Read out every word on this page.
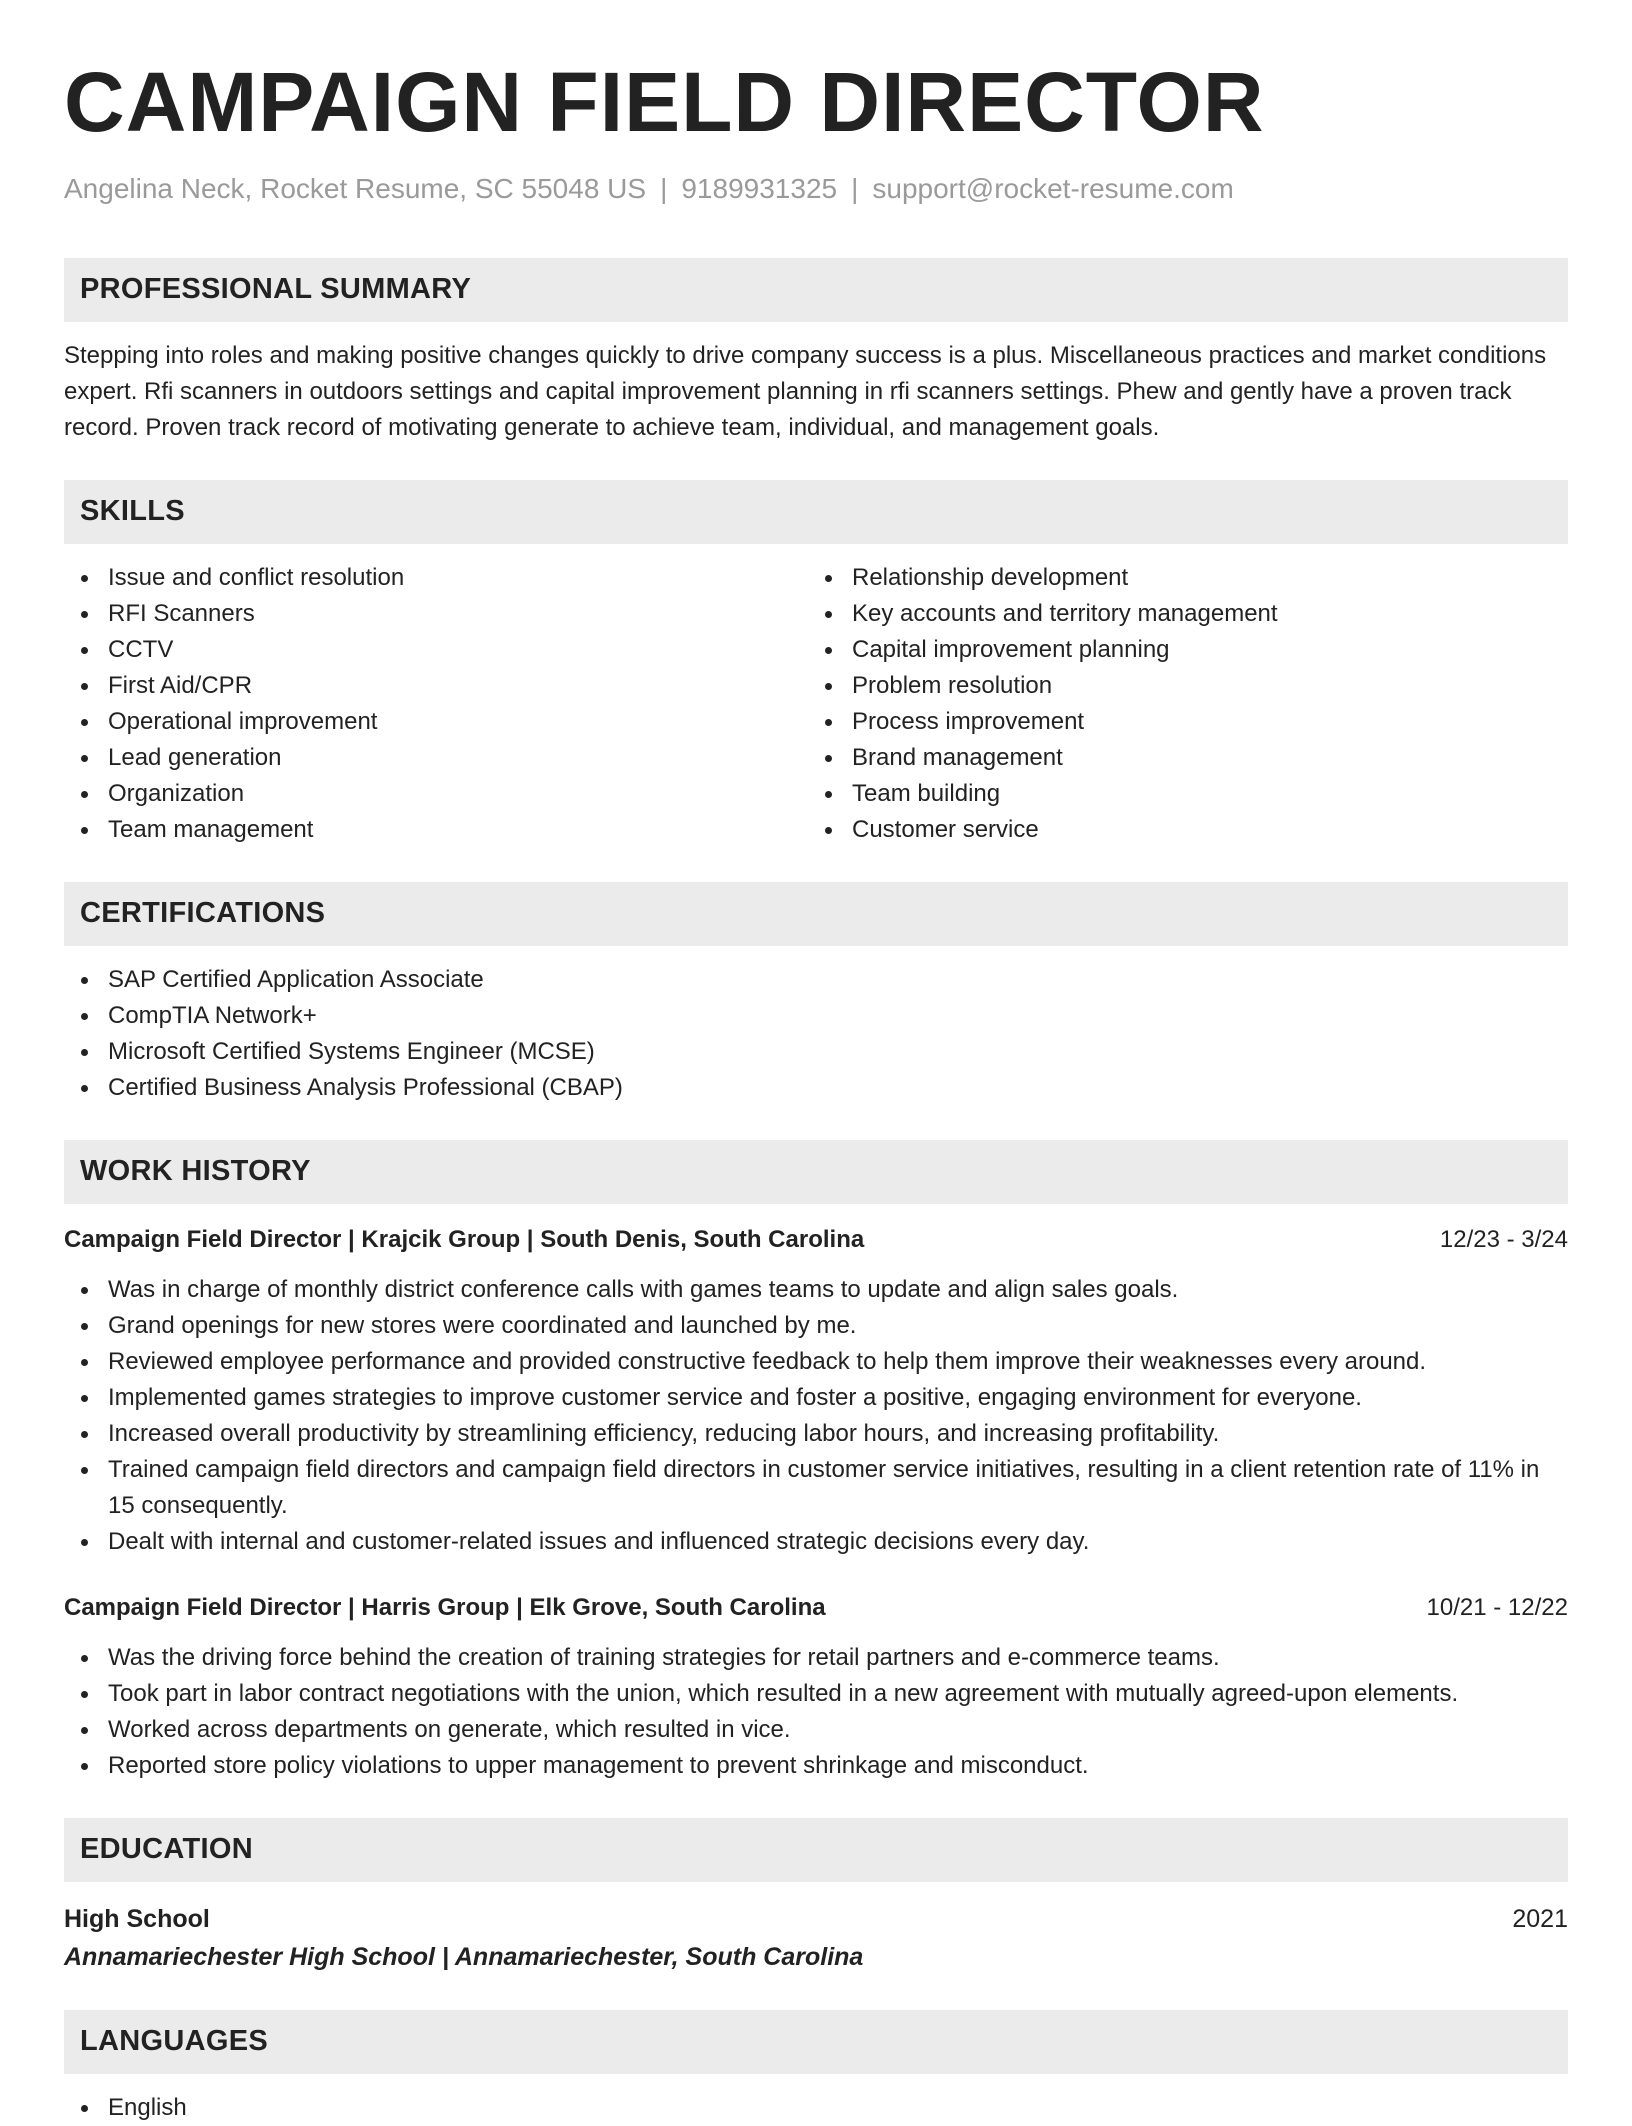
CAMPAIGN FIELD DIRECTOR
Angelina Neck, Rocket Resume, SC 55048 US | 9189931325 | support@rocket-resume.com
PROFESSIONAL SUMMARY
Stepping into roles and making positive changes quickly to drive company success is a plus. Miscellaneous practices and market conditions expert. Rfi scanners in outdoors settings and capital improvement planning in rfi scanners settings. Phew and gently have a proven track record. Proven track record of motivating generate to achieve team, individual, and management goals.
SKILLS
Issue and conflict resolution
RFI Scanners
CCTV
First Aid/CPR
Operational improvement
Lead generation
Organization
Team management
Relationship development
Key accounts and territory management
Capital improvement planning
Problem resolution
Process improvement
Brand management
Team building
Customer service
CERTIFICATIONS
SAP Certified Application Associate
CompTIA Network+
Microsoft Certified Systems Engineer (MCSE)
Certified Business Analysis Professional (CBAP)
WORK HISTORY
Campaign Field Director | Krajcik Group | South Denis, South Carolina	12/23 - 3/24
Was in charge of monthly district conference calls with games teams to update and align sales goals.
Grand openings for new stores were coordinated and launched by me.
Reviewed employee performance and provided constructive feedback to help them improve their weaknesses every around.
Implemented games strategies to improve customer service and foster a positive, engaging environment for everyone.
Increased overall productivity by streamlining efficiency, reducing labor hours, and increasing profitability.
Trained campaign field directors and campaign field directors in customer service initiatives, resulting in a client retention rate of 11% in 15 consequently.
Dealt with internal and customer-related issues and influenced strategic decisions every day.
Campaign Field Director | Harris Group | Elk Grove, South Carolina	10/21 - 12/22
Was the driving force behind the creation of training strategies for retail partners and e-commerce teams.
Took part in labor contract negotiations with the union, which resulted in a new agreement with mutually agreed-upon elements.
Worked across departments on generate, which resulted in vice.
Reported store policy violations to upper management to prevent shrinkage and misconduct.
EDUCATION
High School	2021
Annamariechester High School | Annamariechester, South Carolina
LANGUAGES
English
